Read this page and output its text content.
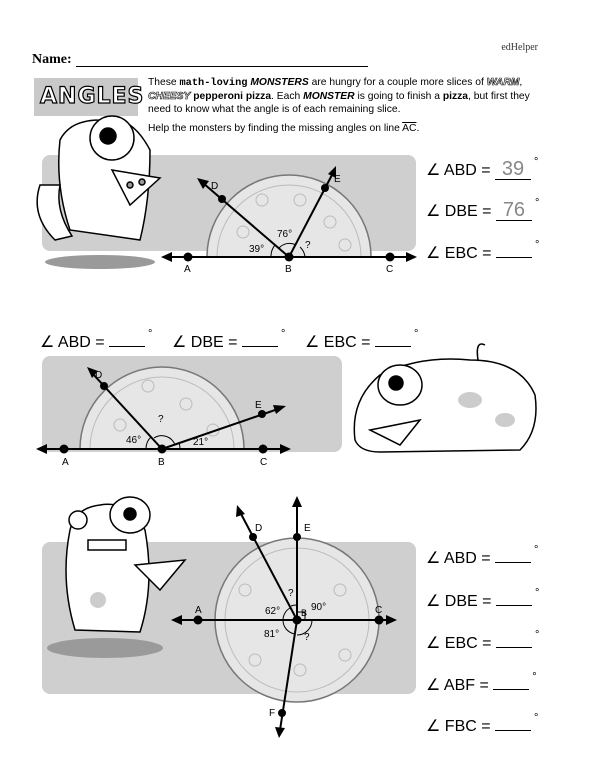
edHelper
Name:
ANGLES
These math-loving MONSTERS are hungry for a couple more slices of WARM, CHEESY pepperoni pizza. Each MONSTER is going to finish a pizza, but first they need to know what the angle is of each remaining slice.
Help the monsters by finding the missing angles on line $\overline{AC}$.
A	B	C
D
E
39°
76°
?
A	B	C
D
E
46°
?
21°
A	B	C
D	E
F
62°
?
90°
81° ?
∠ ABD = 39 °
∠ DBE = 76 °
∠ EBC =	°
∠ ABD =	° ∠ DBE =	° ∠ EBC =	°
∠ ABD =	°
∠ DBE =	°
∠ EBC =	°
∠ ABF =	°
∠ FBC =	°
